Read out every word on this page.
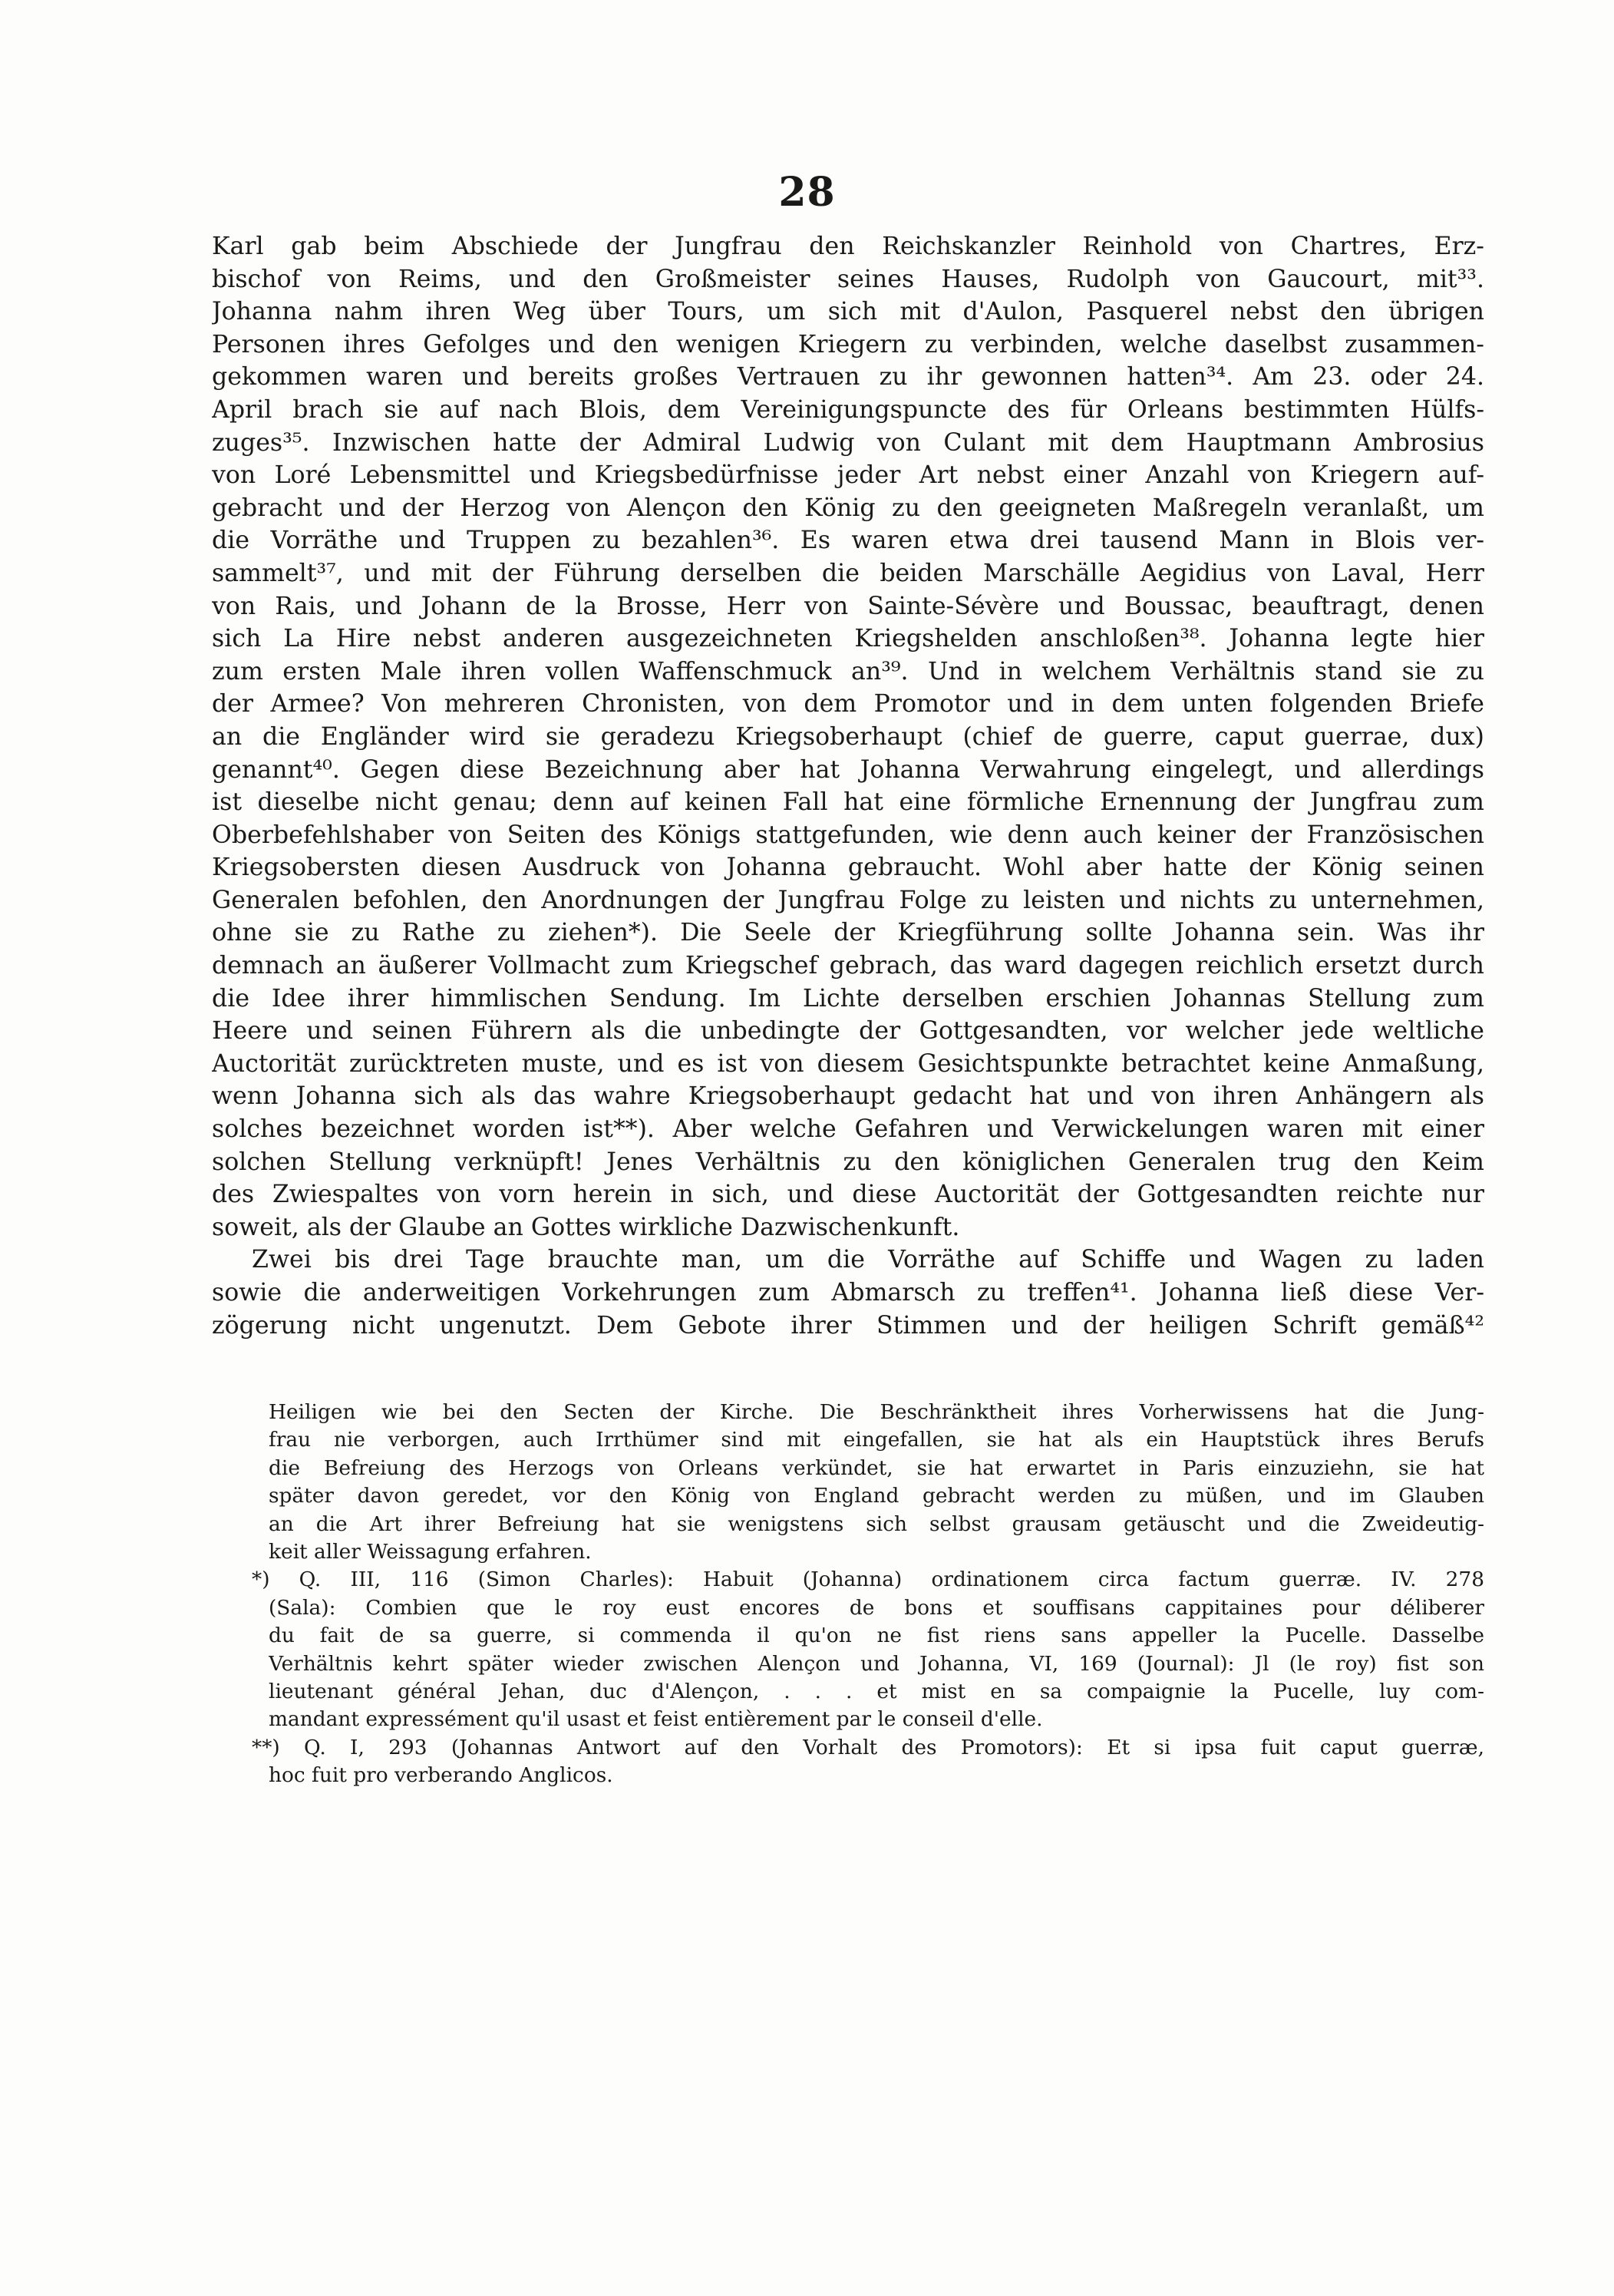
28
Karl gab beim Abschiede der Jungfrau den Reichskanzler Reinhold von Chartres, Erz-
bischof von Reims, und den Großmeister seines Hauses, Rudolph von Gaucourt, mit³³.
Johanna nahm ihren Weg über Tours, um sich mit d'Aulon, Pasquerel nebst den übrigen
Personen ihres Gefolges und den wenigen Kriegern zu verbinden, welche daselbst zusammen-
gekommen waren und bereits großes Vertrauen zu ihr gewonnen hatten³⁴. Am 23. oder 24.
April brach sie auf nach Blois, dem Vereinigungspuncte des für Orleans bestimmten Hülfs-
zuges³⁵. Inzwischen hatte der Admiral Ludwig von Culant mit dem Hauptmann Ambrosius
von Loré Lebensmittel und Kriegsbedürfnisse jeder Art nebst einer Anzahl von Kriegern auf-
gebracht und der Herzog von Alençon den König zu den geeigneten Maßregeln veranlaßt, um
die Vorräthe und Truppen zu bezahlen³⁶. Es waren etwa drei tausend Mann in Blois ver-
sammelt³⁷, und mit der Führung derselben die beiden Marschälle Aegidius von Laval, Herr
von Rais, und Johann de la Brosse, Herr von Sainte-Sévère und Boussac, beauftragt, denen
sich La Hire nebst anderen ausgezeichneten Kriegshelden anschloßen³⁸. Johanna legte hier
zum ersten Male ihren vollen Waffenschmuck an³⁹. Und in welchem Verhältnis stand sie zu
der Armee? Von mehreren Chronisten, von dem Promotor und in dem unten folgenden Briefe
an die Engländer wird sie geradezu Kriegsoberhaupt (chief de guerre, caput guerrae, dux)
genannt⁴⁰. Gegen diese Bezeichnung aber hat Johanna Verwahrung eingelegt, und allerdings
ist dieselbe nicht genau; denn auf keinen Fall hat eine förmliche Ernennung der Jungfrau zum
Oberbefehlshaber von Seiten des Königs stattgefunden, wie denn auch keiner der Französischen
Kriegsobersten diesen Ausdruck von Johanna gebraucht. Wohl aber hatte der König seinen
Generalen befohlen, den Anordnungen der Jungfrau Folge zu leisten und nichts zu unternehmen,
ohne sie zu Rathe zu ziehen*). Die Seele der Kriegführung sollte Johanna sein. Was ihr
demnach an äußerer Vollmacht zum Kriegschef gebrach, das ward dagegen reichlich ersetzt durch
die Idee ihrer himmlischen Sendung. Im Lichte derselben erschien Johannas Stellung zum
Heere und seinen Führern als die unbedingte der Gottgesandten, vor welcher jede weltliche
Auctorität zurücktreten muste, und es ist von diesem Gesichtspunkte betrachtet keine Anmaßung,
wenn Johanna sich als das wahre Kriegsoberhaupt gedacht hat und von ihren Anhängern als
solches bezeichnet worden ist**). Aber welche Gefahren und Verwickelungen waren mit einer
solchen Stellung verknüpft! Jenes Verhältnis zu den königlichen Generalen trug den Keim
des Zwiespaltes von vorn herein in sich, und diese Auctorität der Gottgesandten reichte nur
soweit, als der Glaube an Gottes wirkliche Dazwischenkunft.
Zwei bis drei Tage brauchte man, um die Vorräthe auf Schiffe und Wagen zu laden
sowie die anderweitigen Vorkehrungen zum Abmarsch zu treffen⁴¹. Johanna ließ diese Ver-
zögerung nicht ungenutzt. Dem Gebote ihrer Stimmen und der heiligen Schrift gemäß⁴²
Heiligen wie bei den Secten der Kirche. Die Beschränktheit ihres Vorherwissens hat die Jung-
frau nie verborgen, auch Irrthümer sind mit eingefallen, sie hat als ein Hauptstück ihres Berufs
die Befreiung des Herzogs von Orleans verkündet, sie hat erwartet in Paris einzuziehn, sie hat
später davon geredet, vor den König von England gebracht werden zu müßen, und im Glauben
an die Art ihrer Befreiung hat sie wenigstens sich selbst grausam getäuscht und die Zweideutig-
keit aller Weissagung erfahren.
*) Q. III, 116 (Simon Charles): Habuit (Johanna) ordinationem circa factum guerræ. IV. 278
(Sala): Combien que le roy eust encores de bons et souffisans cappitaines pour déliberer
du fait de sa guerre, si commenda il qu'on ne fist riens sans appeller la Pucelle. Dasselbe
Verhältnis kehrt später wieder zwischen Alençon und Johanna, VI, 169 (Journal): Jl (le roy) fist son
lieutenant général Jehan, duc d'Alençon, . . . et mist en sa compaignie la Pucelle, luy com-
mandant expressément qu'il usast et feist entièrement par le conseil d'elle.
**) Q. I, 293 (Johannas Antwort auf den Vorhalt des Promotors): Et si ipsa fuit caput guerræ,
hoc fuit pro verberando Anglicos.
